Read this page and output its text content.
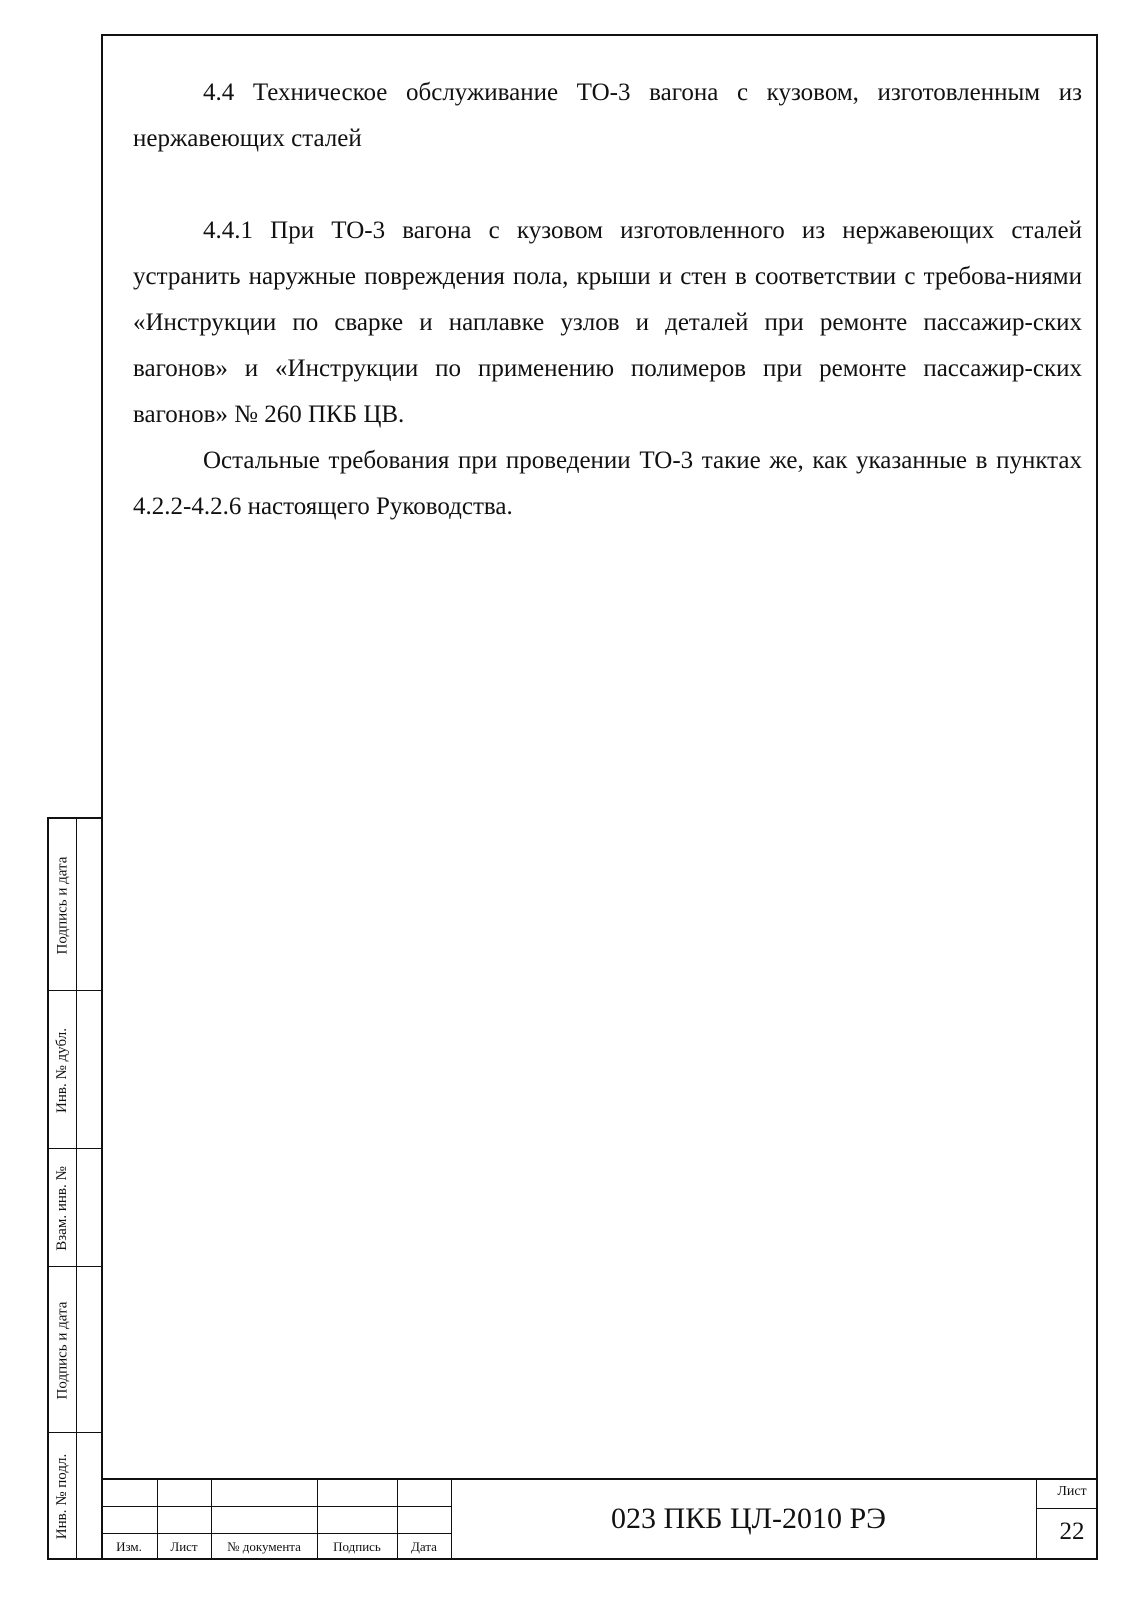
4.4 Техническое обслуживание ТО-3 вагона с кузовом, изготовленным из нержавеющих сталей

4.4.1 При ТО-3 вагона с кузовом изготовленного из нержавеющих сталей устранить наружные повреждения пола, крыши и стен в соответствии с требова-ниями «Инструкции по сварке и наплавке узлов и деталей при ремонте пассажир-ских вагонов» и «Инструкции по применению полимеров при ремонте пассажир-ских вагонов» № 260 ПКБ ЦВ.

Остальные требования при проведении ТО-3 такие же, как указанные в пунктах 4.2.2-4.2.6 настоящего Руководства.

Подпись и дата
Инв. № дубл.
Взам. инв. №
Подпись и дата
Инв. № подл.
Изм.	Лист	№ документа	Подпись	Дата
023 ПКБ ЦЛ-2010 РЭ
Лист
22
